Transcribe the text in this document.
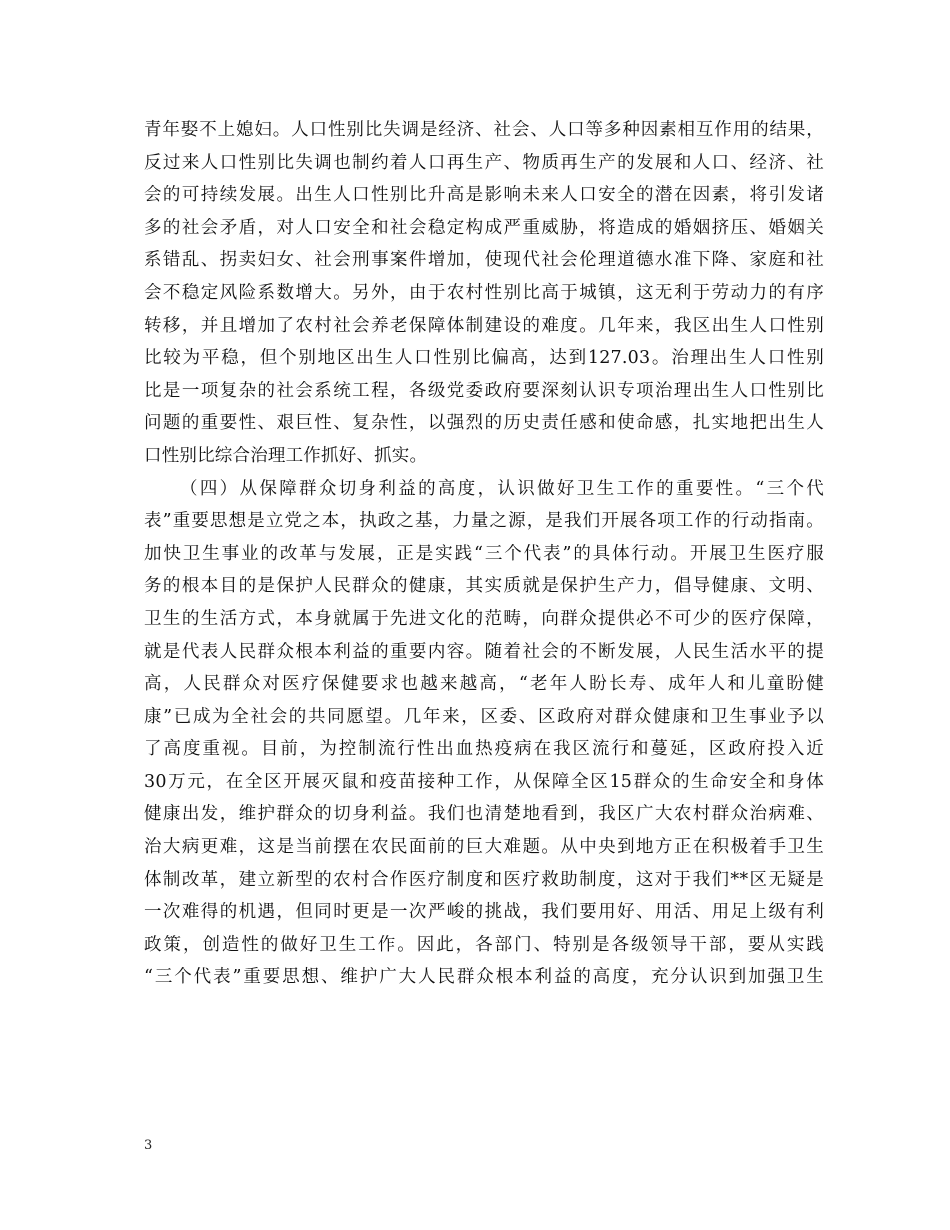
青年娶不上媳妇。人口性别比失调是经济、社会、人口等多种因素相互作用的结果，
反过来人口性别比失调也制约着人口再生产、物质再生产的发展和人口、经济、社
会的可持续发展。出生人口性别比升高是影响未来人口安全的潜在因素，将引发诸
多的社会矛盾，对人口安全和社会稳定构成严重威胁，将造成的婚姻挤压、婚姻关
系错乱、拐卖妇女、社会刑事案件增加，使现代社会伦理道德水准下降、家庭和社
会不稳定风险系数增大。另外，由于农村性别比高于城镇，这无利于劳动力的有序
转移，并且增加了农村社会养老保障体制建设的难度。几年来，我区出生人口性别
比较为平稳，但个别地区出生人口性别比偏高，达到127.03。治理出生人口性别
比是一项复杂的社会系统工程，各级党委政府要深刻认识专项治理出生人口性别比
问题的重要性、艰巨性、复杂性，以强烈的历史责任感和使命感，扎实地把出生人
口性别比综合治理工作抓好、抓实。
（四）从保障群众切身利益的高度，认识做好卫生工作的重要性。“三个代
表”重要思想是立党之本，执政之基，力量之源，是我们开展各项工作的行动指南。
加快卫生事业的改革与发展，正是实践“三个代表”的具体行动。开展卫生医疗服
务的根本目的是保护人民群众的健康，其实质就是保护生产力，倡导健康、文明、
卫生的生活方式，本身就属于先进文化的范畴，向群众提供必不可少的医疗保障，
就是代表人民群众根本利益的重要内容。随着社会的不断发展，人民生活水平的提
高，人民群众对医疗保健要求也越来越高，“老年人盼长寿、成年人和儿童盼健
康”已成为全社会的共同愿望。几年来，区委、区政府对群众健康和卫生事业予以
了高度重视。目前，为控制流行性出血热疫病在我区流行和蔓延，区政府投入近
30万元，在全区开展灭鼠和疫苗接种工作，从保障全区15群众的生命安全和身体
健康出发，维护群众的切身利益。我们也清楚地看到，我区广大农村群众治病难、
治大病更难，这是当前摆在农民面前的巨大难题。从中央到地方正在积极着手卫生
体制改革，建立新型的农村合作医疗制度和医疗救助制度，这对于我们**区无疑是
一次难得的机遇，但同时更是一次严峻的挑战，我们要用好、用活、用足上级有利
政策，创造性的做好卫生工作。因此，各部门、特别是各级领导干部，要从实践
“三个代表”重要思想、维护广大人民群众根本利益的高度，充分认识到加强卫生
3
